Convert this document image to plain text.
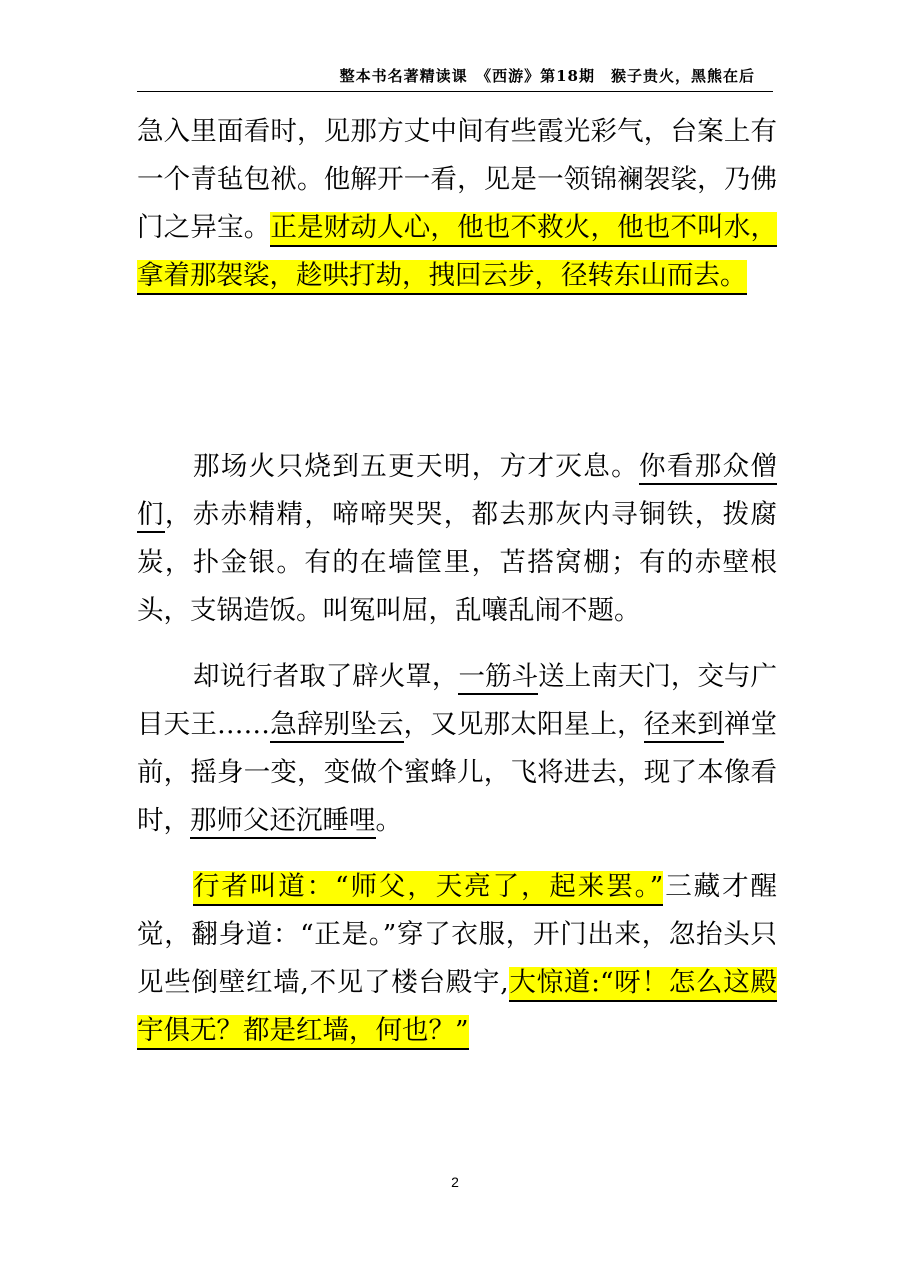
整本书名著精读课　《西游》第18期　猴子贵火，黑熊在后

急入里面看时，见那方丈中间有些霞光彩气，台案上有一个青毡包袱。他解开一看，见是一领锦襕袈裟，乃佛门之异宝。正是财动人心，他也不救火，他也不叫水，拿着那袈裟，趁哄打劫，拽回云步，径转东山而去。

那场火只烧到五更天明，方才灭息。你看那众僧们，赤赤精精，啼啼哭哭，都去那灰内寻铜铁，拨腐炭，扑金银。有的在墙筐里，苫搭窝棚；有的赤壁根头，支锅造饭。叫冤叫屈，乱嚷乱闹不题。

却说行者取了辟火罩，一筋斗送上南天门，交与广目天王……急辞别坠云，又见那太阳星上，径来到禅堂前，摇身一变，变做个蜜蜂儿，飞将进去，现了本像看时，那师父还沉睡哩。

行者叫道：“师父，天亮了，起来罢。”三藏才醒觉，翻身道：“正是。”穿了衣服，开门出来，忽抬头只见些倒壁红墙,不见了楼台殿宇,大惊道:“呀！怎么这殿宇俱无？都是红墙，何也？”

2
